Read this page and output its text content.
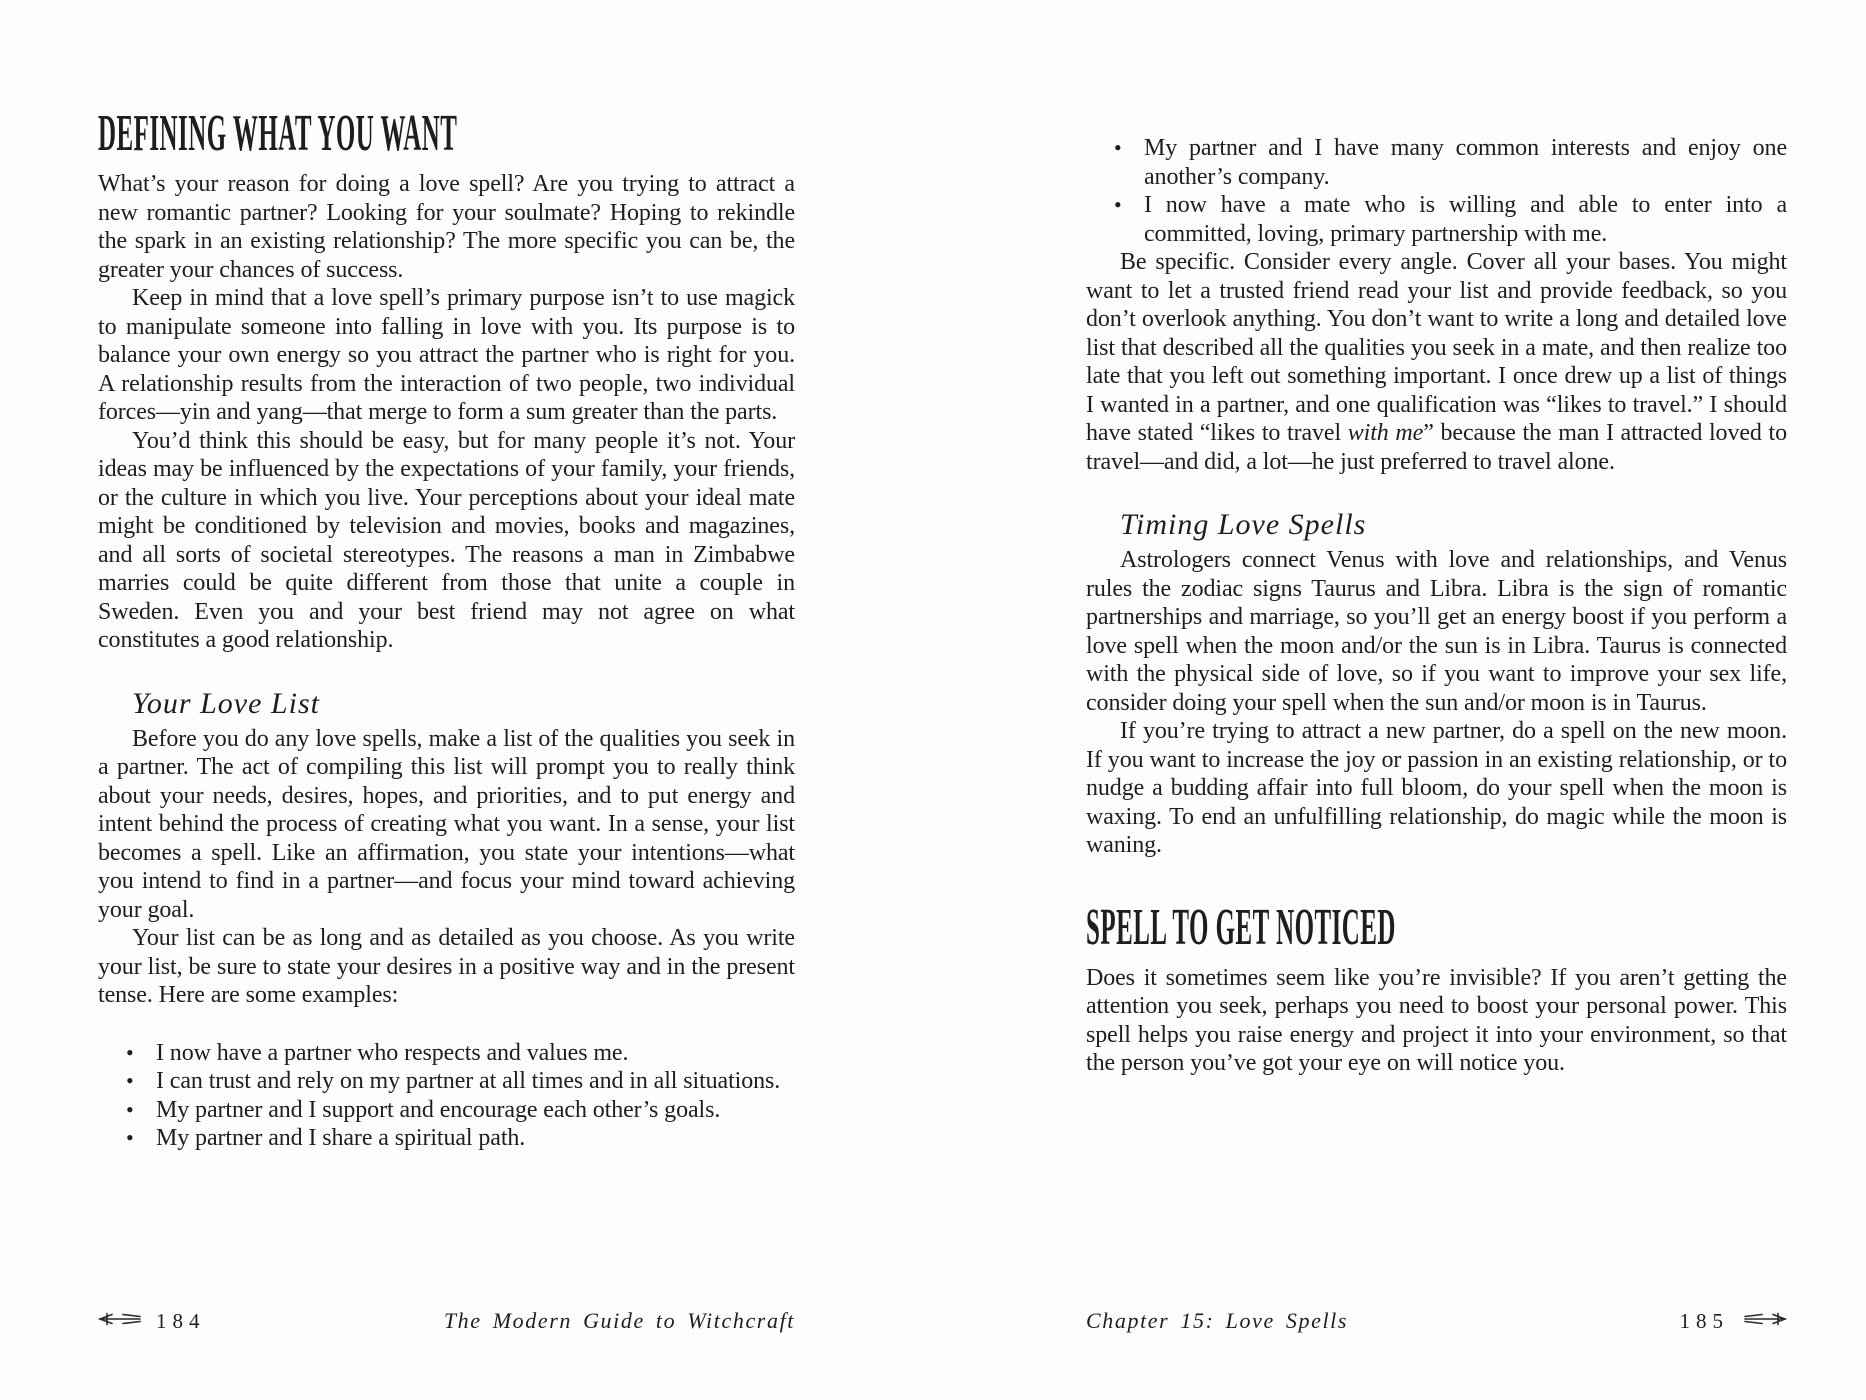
DEFINING WHAT YOU WANT

What’s your reason for doing a love spell? Are you trying to attract a new romantic partner? Looking for your soulmate? Hoping to rekindle the spark in an existing relationship? The more specific you can be, the greater your chances of success.

Keep in mind that a love spell’s primary purpose isn’t to use magick to manipulate someone into falling in love with you. Its purpose is to balance your own energy so you attract the partner who is right for you. A relationship results from the interaction of two people, two individual forces—yin and yang—that merge to form a sum greater than the parts.

You’d think this should be easy, but for many people it’s not. Your ideas may be influenced by the expectations of your family, your friends, or the culture in which you live. Your perceptions about your ideal mate might be conditioned by television and movies, books and magazines, and all sorts of societal stereotypes. The reasons a man in Zimbabwe marries could be quite different from those that unite a couple in Sweden. Even you and your best friend may not agree on what constitutes a good relationship.

Your Love List

Before you do any love spells, make a list of the qualities you seek in a partner. The act of compiling this list will prompt you to really think about your needs, desires, hopes, and priorities, and to put energy and intent behind the process of creating what you want. In a sense, your list becomes a spell. Like an affirmation, you state your intentions—what you intend to find in a partner—and focus your mind toward achieving your goal.

Your list can be as long and as detailed as you choose. As you write your list, be sure to state your desires in a positive way and in the present tense. Here are some examples:

• I now have a partner who respects and values me.
• I can trust and rely on my partner at all times and in all situations.
• My partner and I support and encourage each other’s goals.
• My partner and I share a spiritual path.
• My partner and I have many common interests and enjoy one another’s company.
• I now have a mate who is willing and able to enter into a committed, loving, primary partnership with me.

Be specific. Consider every angle. Cover all your bases. You might want to let a trusted friend read your list and provide feedback, so you don’t overlook anything. You don’t want to write a long and detailed love list that described all the qualities you seek in a mate, and then realize too late that you left out something important. I once drew up a list of things I wanted in a partner, and one qualification was “likes to travel.” I should have stated “likes to travel with me” because the man I attracted loved to travel—and did, a lot—he just preferred to travel alone.

Timing Love Spells

Astrologers connect Venus with love and relationships, and Venus rules the zodiac signs Taurus and Libra. Libra is the sign of romantic partnerships and marriage, so you’ll get an energy boost if you perform a love spell when the moon and/or the sun is in Libra. Taurus is connected with the physical side of love, so if you want to improve your sex life, consider doing your spell when the sun and/or moon is in Taurus.

If you’re trying to attract a new partner, do a spell on the new moon. If you want to increase the joy or passion in an existing relationship, or to nudge a budding affair into full bloom, do your spell when the moon is waxing. To end an unfulfilling relationship, do magic while the moon is waning.

SPELL TO GET NOTICED

Does it sometimes seem like you’re invisible? If you aren’t getting the attention you seek, perhaps you need to boost your personal power. This spell helps you raise energy and project it into your environment, so that the person you’ve got your eye on will notice you.

184	The Modern Guide to Witchcraft	Chapter 15: Love Spells	185
